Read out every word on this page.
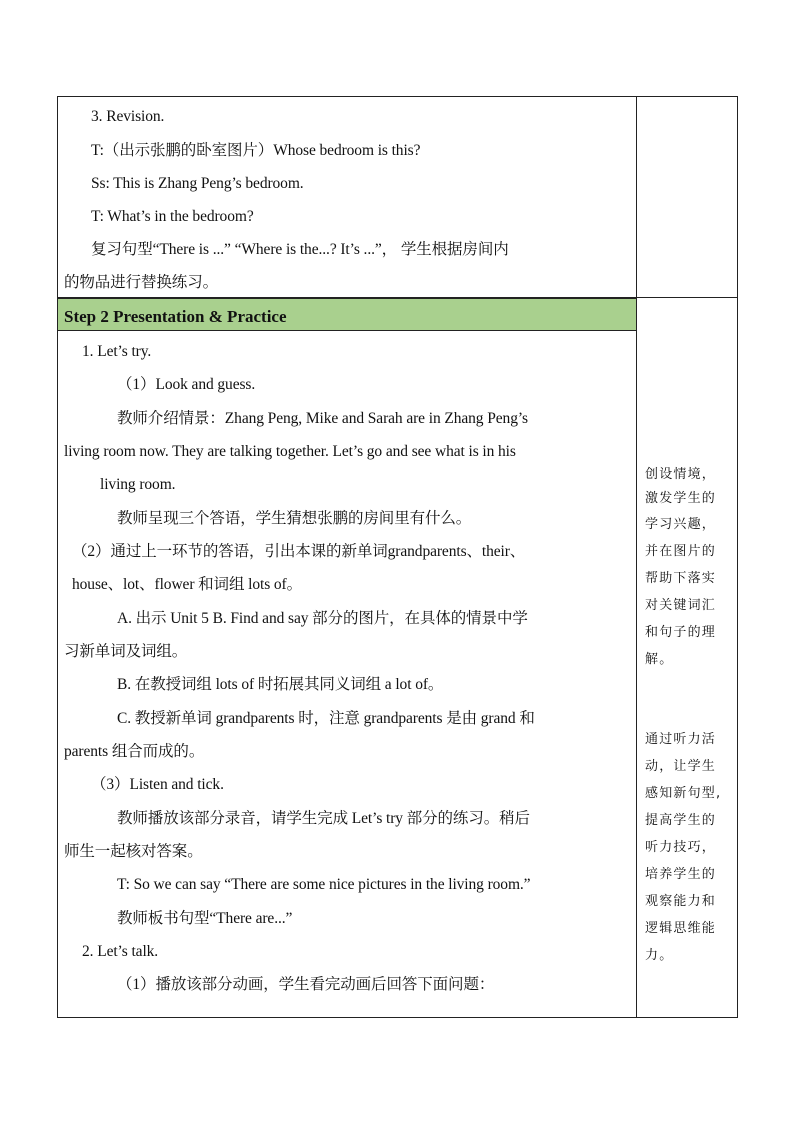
3. Revision.
T:（出示张鹏的卧室图片）Whose bedroom is this?
Ss: This is Zhang Peng’s bedroom.
T: What’s in the bedroom?
复习句型“There is ...” “Where is the...? It’s ...”， 学生根据房间内
的物品进行替换练习。
Step 2 Presentation & Practice
1. Let’s try.
（1）Look and guess.
教师介绍情景：Zhang Peng, Mike and Sarah are in Zhang Peng’s
living room now. They are talking together. Let’s go and see what is in his
living room.
教师呈现三个答语，学生猜想张鹏的房间里有什么。
（2）通过上一环节的答语，引出本课的新单词grandparents、their、
house、lot、flower 和词组 lots of。
A. 出示 Unit 5 B. Find and say 部分的图片，在具体的情景中学
习新单词及词组。
B. 在教授词组 lots of 时拓展其同义词组 a lot of。
C. 教授新单词 grandparents 时，注意 grandparents 是由 grand 和
parents 组合而成的。
（3）Listen and tick.
教师播放该部分录音，请学生完成 Let’s try 部分的练习。稍后
师生一起核对答案。
T: So we can say “There are some nice pictures in the living room.”
教师板书句型“There are...”
2. Let’s talk.
（1）播放该部分动画，学生看完动画后回答下面问题：
创设情境，
激发学生的
学习兴趣，
并在图片的
帮助下落实
对关键词汇
和句子的理
解。
通过听力活
动，让学生
感知新句型,
提高学生的
听力技巧，
培养学生的
观察能力和
逻辑思维能
力。
